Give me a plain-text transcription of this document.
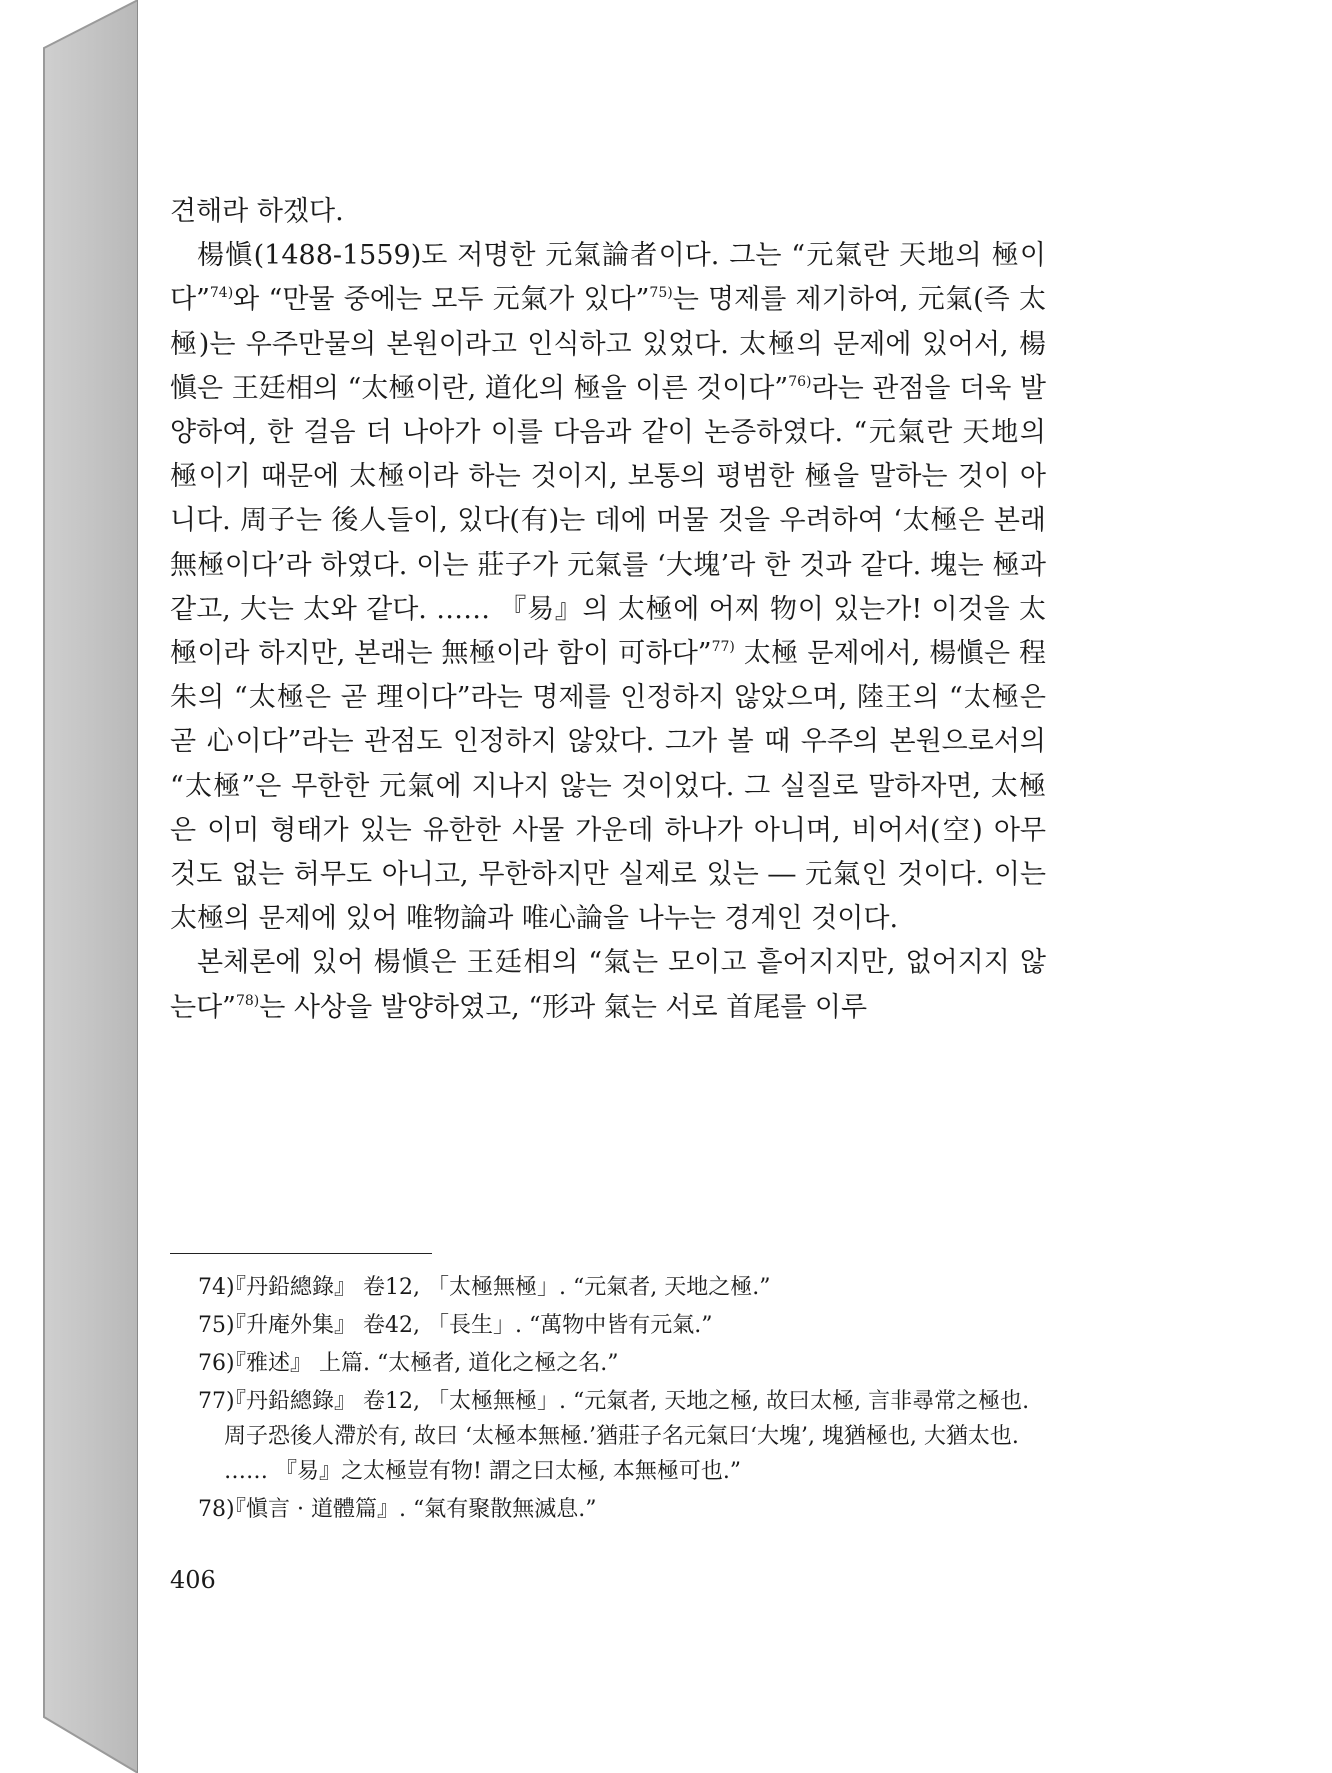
견해라 하겠다.

楊愼(1488-1559)도 저명한 元氣論者이다. 그는 “元氣란 天地의 極이다”$^{74)}$와 “만물 중에는 모두 元氣가 있다”$^{75)}$는 명제를 제기하여, 元氣(즉 太極)는 우주만물의 본원이라고 인식하고 있었다. 太極의 문제에 있어서, 楊愼은 王廷相의 “太極이란, 道化의 極을 이른 것이다”$^{76)}$라는 관점을 더욱 발양하여, 한 걸음 더 나아가 이를 다음과 같이 논증하였다. “元氣란 天地의 極이기 때문에 太極이라 하는 것이지, 보통의 평범한 極을 말하는 것이 아니다. 周子는 後人들이, 있다(有)는 데에 머물 것을 우려하여 ‘太極은 본래 無極이다’라 하였다. 이는 莊子가 元氣를 ‘大塊’라 한 것과 같다. 塊는 極과 같고, 大는 太와 같다. …… 『易』의 太極에 어찌 物이 있는가! 이것을 太極이라 하지만, 본래는 無極이라 함이 可하다”$^{77)}$ 太極 문제에서, 楊愼은 程朱의 “太極은 곧 理이다”라는 명제를 인정하지 않았으며, 陸王의 “太極은 곧 心이다”라는 관점도 인정하지 않았다. 그가 볼 때 우주의 본원으로서의 “太極”은 무한한 元氣에 지나지 않는 것이었다. 그 실질로 말하자면, 太極은 이미 형태가 있는 유한한 사물 가운데 하나가 아니며, 비어서(空) 아무 것도 없는 허무도 아니고, 무한하지만 실제로 있는 ― 元氣인 것이다. 이는 太極의 문제에 있어 唯物論과 唯心論을 나누는 경계인 것이다.

본체론에 있어 楊愼은 王廷相의 “氣는 모이고 흩어지지만, 없어지지 않는다”$^{78)}$는 사상을 발양하였고, “形과 氣는 서로 首尾를 이루

74)
『丹鉛總錄』 卷12, 「太極無極」. “元氣者, 天地之極.”
75)
『升庵外集』 卷42, 「長生」. “萬物中皆有元氣.”
76)
『雅述』 上篇. “太極者, 道化之極之名.”
77)
『丹鉛總錄』 卷12, 「太極無極」. “元氣者, 天地之極, 故曰太極, 言非尋常之極也. 周子恐後人滯於有, 故曰 ‘太極本無極.’猶莊子名元氣曰‘大塊’, 塊猶極也, 大猶太也. …… 『易』之太極豈有物! 謂之曰太極, 本無極可也.”
78)
『愼言 · 道體篇』. “氣有聚散無滅息.”
406
